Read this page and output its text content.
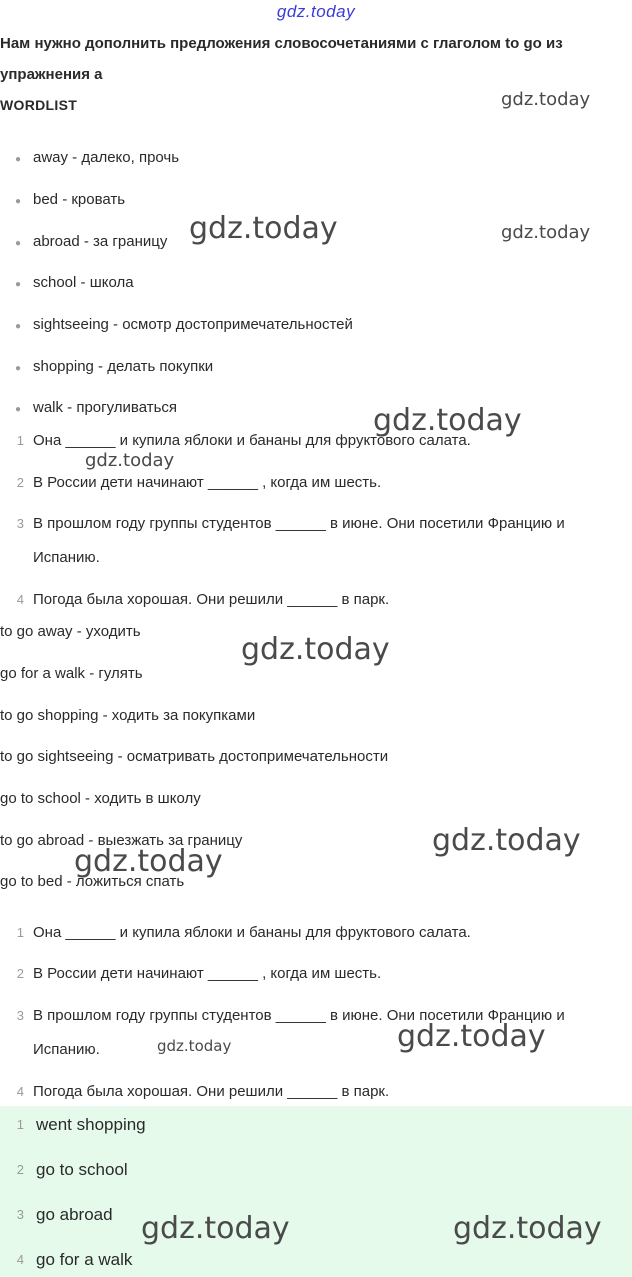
gdz.today
Нам нужно дополнить предложения словосочетаниями с глаголом to go из
упражнения а
WORDLIST
● away - далеко, прочь
● bed - кровать
● abroad - за границу
● school - школа
● sightseeing - осмотр достопримечательностей
● shopping - делать покупки
● walk - прогуливаться
1 Она ______ и купила яблоки и бананы для фруктового салата.
2 В России дети начинают ______ , когда им шесть.
3 В прошлом году группы студентов ______ в июне. Они посетили Францию и
Испанию.
4 Погода была хорошая. Они решили ______ в парк.
to go away - уходить
go for a walk - гулять
to go shopping - ходить за покупками
to go sightseeing - осматривать достопримечательности
go to school - ходить в школу
to go abroad - выезжать за границу
go to bed - ложиться спать
1 Она ______ и купила яблоки и бананы для фруктового салата.
2 В России дети начинают ______ , когда им шесть.
3 В прошлом году группы студентов ______ в июне. Они посетили Францию и
Испанию.
4 Погода была хорошая. Они решили ______ в парк.
1 went shopping
2 go to school
3 go abroad
4 go for a walk
gdz.today
gdz.today	gdz.today
gdz.today
gdz.today
gdz.today
gdz.today
gdz.today
gdz.today	gdz.today
gdz.today	gdz.today
